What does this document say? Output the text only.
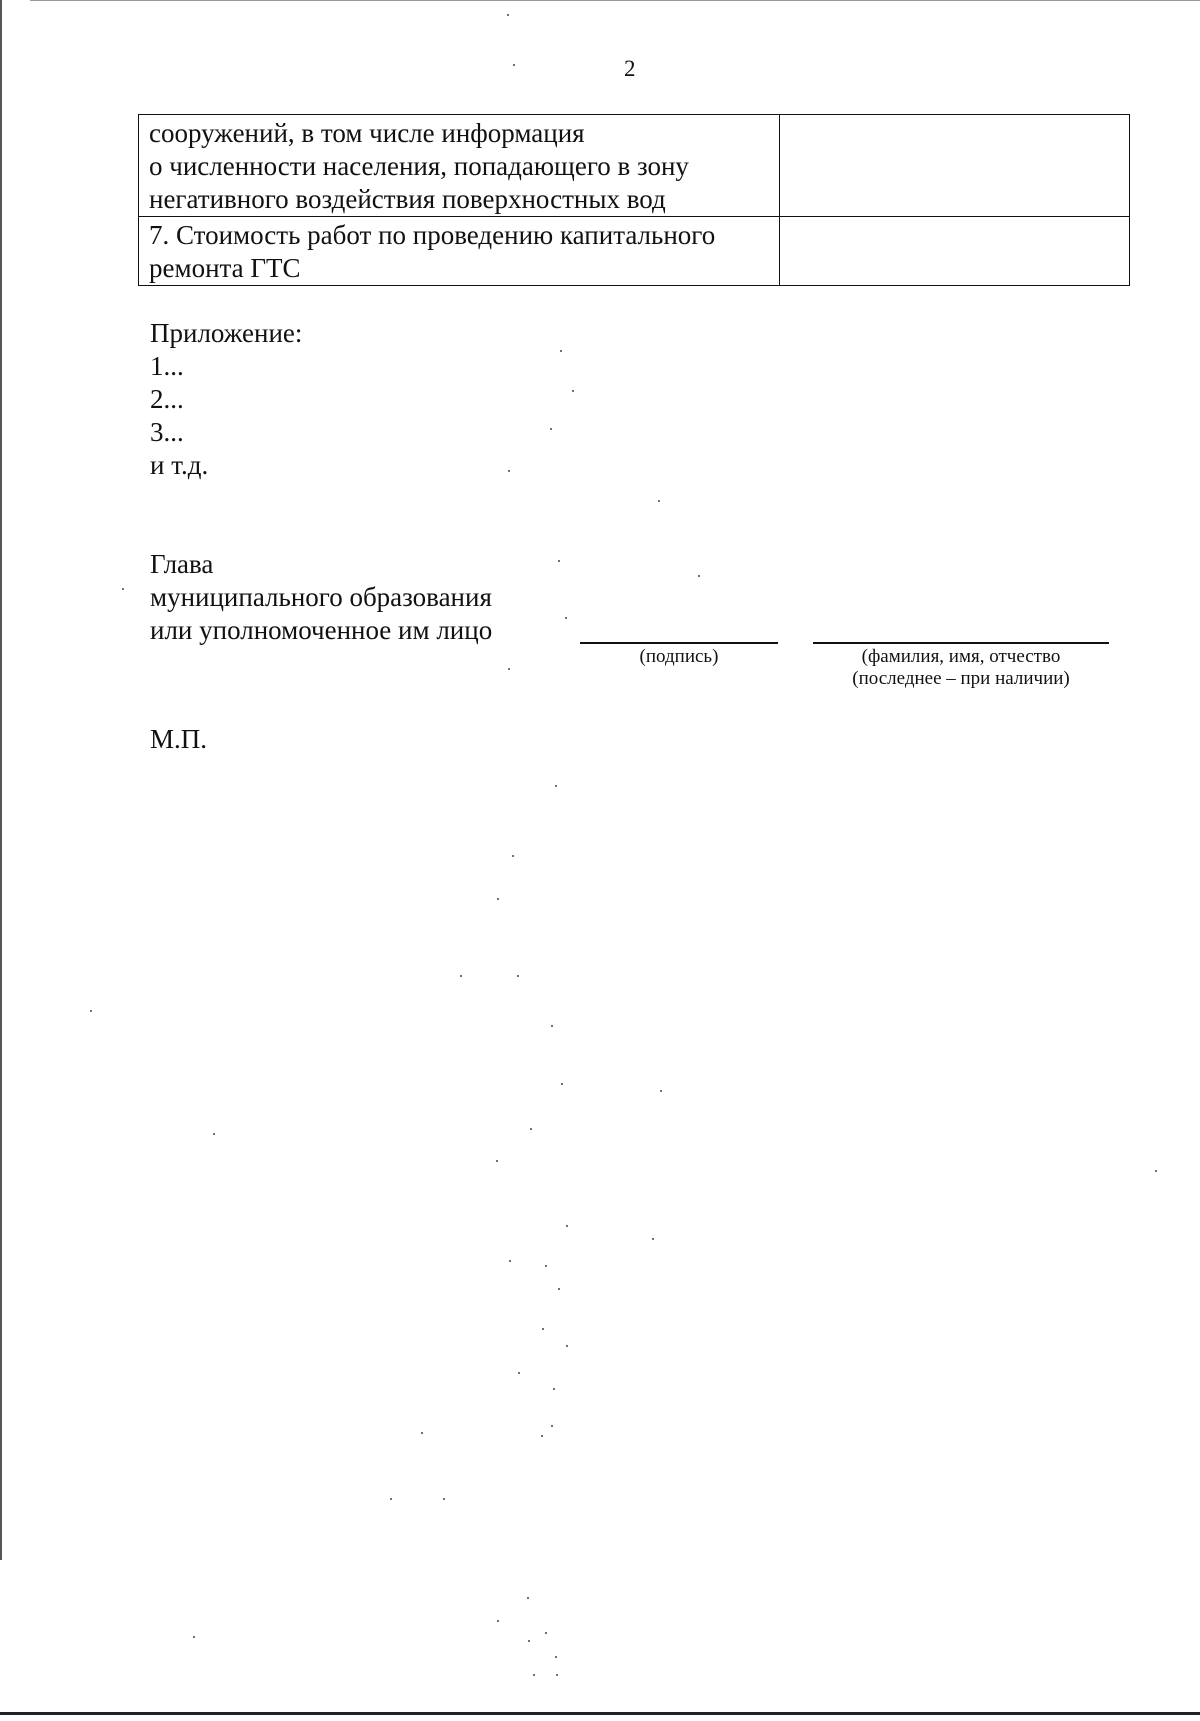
2
сооружений, в том числе информация
о численности населения, попадающего в зону
негативного воздействия поверхностных вод	

7. Стоимость работ по проведению капитального
ремонта ГТС	

Приложение:
1...
2...
3...
и т.д.
Глава
муниципального образования
или уполномоченное им лицо
(подпись)	(фамилия, имя, отчество
(последнее – при наличии)
М.П.
